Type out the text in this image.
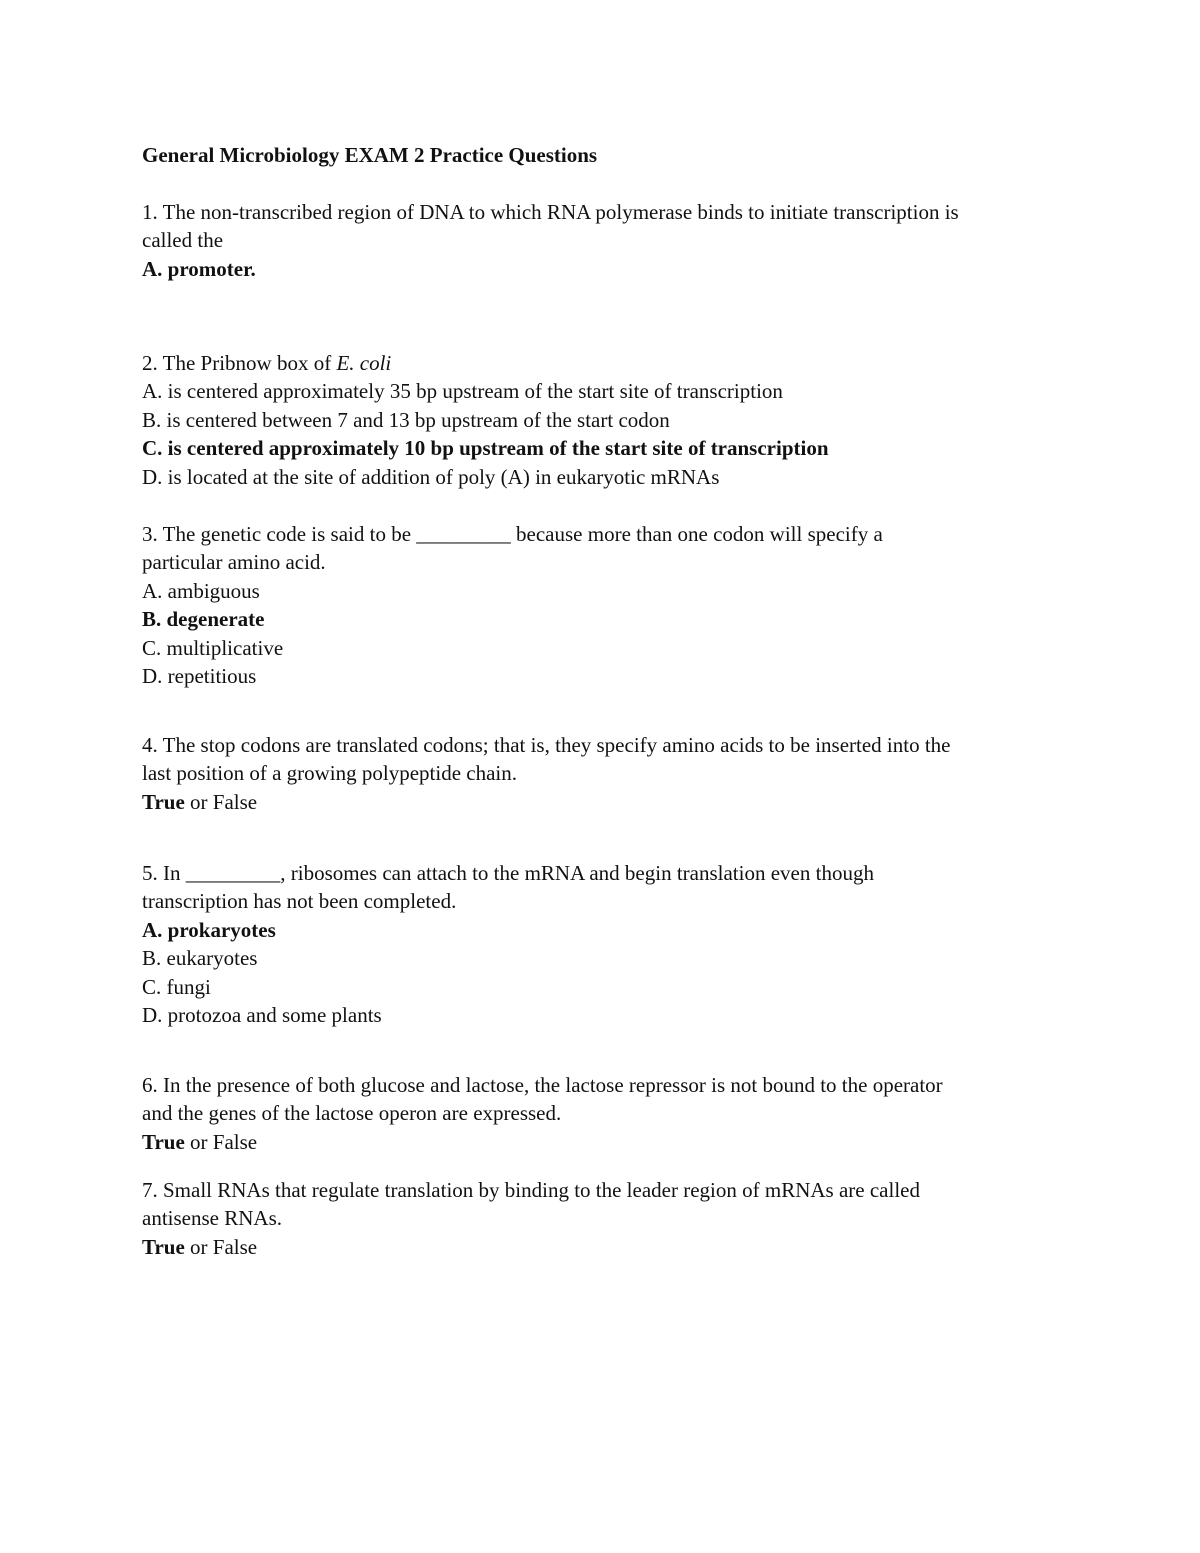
General Microbiology EXAM 2 Practice Questions
1. The non-transcribed region of DNA to which RNA polymerase binds to initiate transcription is
called the
A. promoter.
2. The Pribnow box of E. coli
A. is centered approximately 35 bp upstream of the start site of transcription
B. is centered between 7 and 13 bp upstream of the start codon
C. is centered approximately 10 bp upstream of the start site of transcription
D. is located at the site of addition of poly (A) in eukaryotic mRNAs
3. The genetic code is said to be _________ because more than one codon will specify a
particular amino acid.
A. ambiguous
B. degenerate
C. multiplicative
D. repetitious
4. The stop codons are translated codons; that is, they specify amino acids to be inserted into the
last position of a growing polypeptide chain.
True or False
5. In _________, ribosomes can attach to the mRNA and begin translation even though
transcription has not been completed.
A. prokaryotes
B. eukaryotes
C. fungi
D. protozoa and some plants
6. In the presence of both glucose and lactose, the lactose repressor is not bound to the operator
and the genes of the lactose operon are expressed.
True or False
7. Small RNAs that regulate translation by binding to the leader region of mRNAs are called
antisense RNAs.
True or False
